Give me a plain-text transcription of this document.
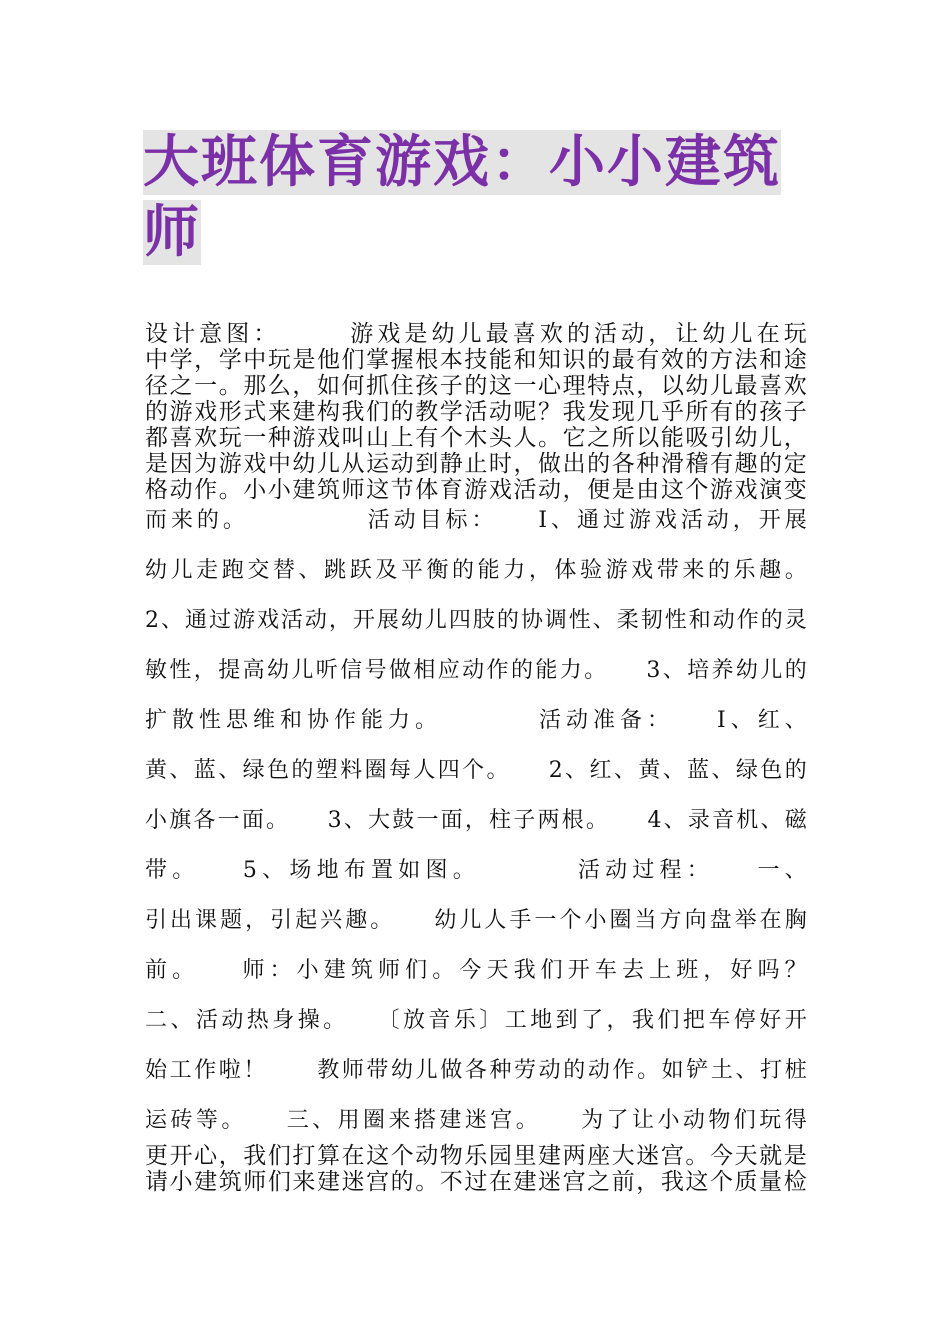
大班体育游戏：小小建筑
师
设计意图：　　　游戏是幼儿最喜欢的活动，让幼儿在玩
中学，学中玩是他们掌握根本技能和知识的最有效的方法和途
径之一。那么，如何抓住孩子的这一心理特点，以幼儿最喜欢
的游戏形式来建构我们的教学活动呢？我发现几乎所有的孩子
都喜欢玩一种游戏叫山上有个木头人。它之所以能吸引幼儿，
是因为游戏中幼儿从运动到静止时，做出的各种滑稽有趣的定
格动作。小小建筑师这节体育游戏活动，便是由这个游戏演变
而来的。　　　　　活动目标：　　I、通过游戏活动，开展
幼儿走跑交替、跳跃及平衡的能力，体验游戏带来的乐趣。
2、通过游戏活动，开展幼儿四肢的协调性、柔韧性和动作的灵
敏性，提高幼儿听信号做相应动作的能力。　　3、培养幼儿的
扩散性思维和协作能力。　　　　活动准备：　　I、红、
黄、蓝、绿色的塑料圈每人四个。　　2、红、黄、蓝、绿色的
小旗各一面。　　3、大鼓一面，柱子两根。　　4、录音机、磁
带。　　5、场地布置如图。　　　　活动过程：　　一、
引出课题，引起兴趣。　　幼儿人手一个小圈当方向盘举在胸
前。　　师：小建筑师们。今天我们开车去上班，好吗？
二、活动热身操。　　〔放音乐〕工地到了，我们把车停好开
始工作啦！　　教师带幼儿做各种劳动的动作。如铲土、打桩
运砖等。　　三、用圈来搭建迷宫。　　为了让小动物们玩得
更开心，我们打算在这个动物乐园里建两座大迷宫。今天就是
请小建筑师们来建迷宫的。不过在建迷宫之前，我这个质量检
